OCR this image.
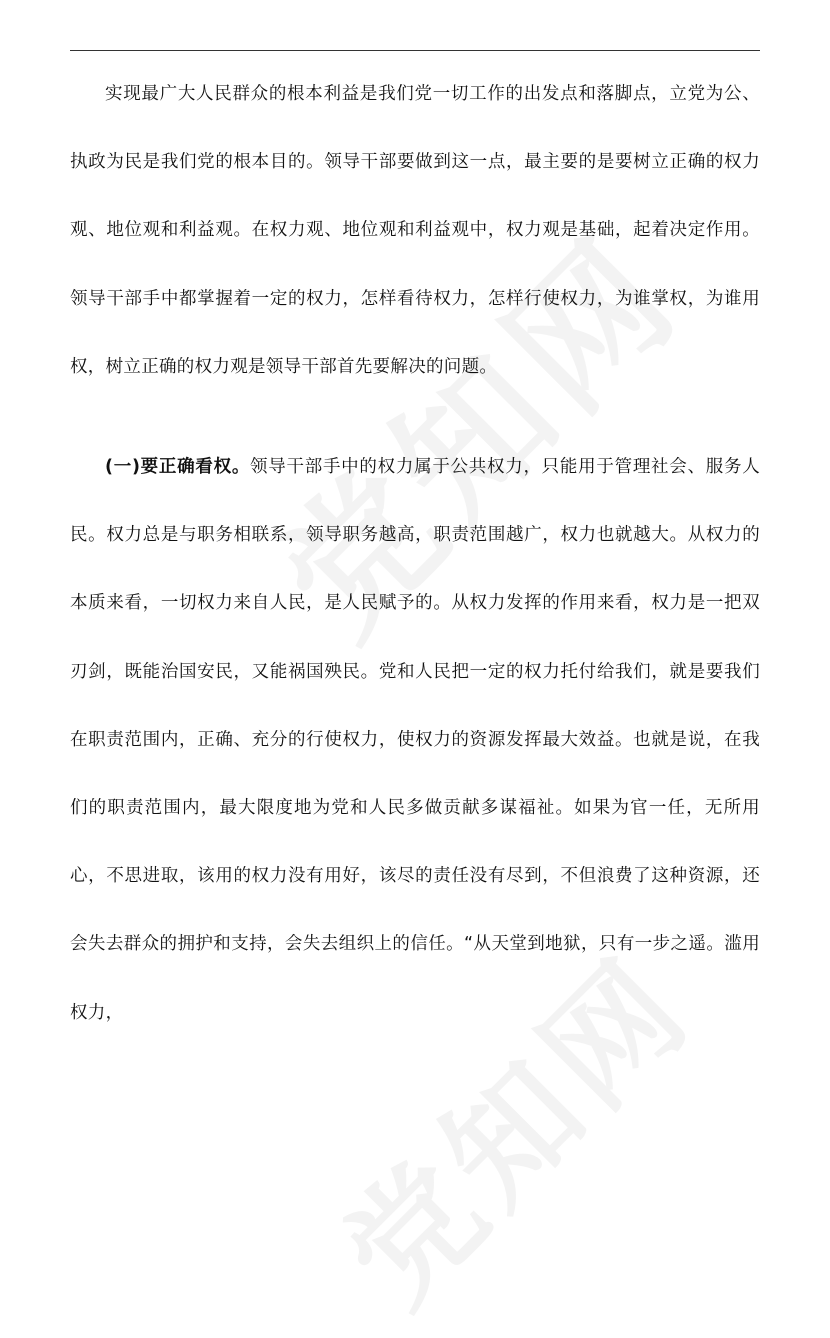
实现最广大人民群众的根本利益是我们党一切工作的出发点和落脚点，立党为公、执政为民是我们党的根本目的。领导干部要做到这一点，最主要的是要树立正确的权力观、地位观和利益观。在权力观、地位观和利益观中，权力观是基础，起着决定作用。领导干部手中都掌握着一定的权力，怎样看待权力，怎样行使权力，为谁掌权，为谁用权，树立正确的权力观是领导干部首先要解决的问题。

(一)要正确看权。领导干部手中的权力属于公共权力，只能用于管理社会、服务人民。权力总是与职务相联系，领导职务越高，职责范围越广，权力也就越大。从权力的本质来看，一切权力来自人民，是人民赋予的。从权力发挥的作用来看，权力是一把双刃剑，既能治国安民，又能祸国殃民。党和人民把一定的权力托付给我们，就是要我们在职责范围内，正确、充分的行使权力，使权力的资源发挥最大效益。也就是说，在我们的职责范围内，最大限度地为党和人民多做贡献多谋福祉。如果为官一任，无所用心，不思进取，该用的权力没有用好，该尽的责任没有尽到，不但浪费了这种资源，还会失去群众的拥护和支持，会失去组织上的信任。“从天堂到地狱，只有一步之遥。滥用权力，
